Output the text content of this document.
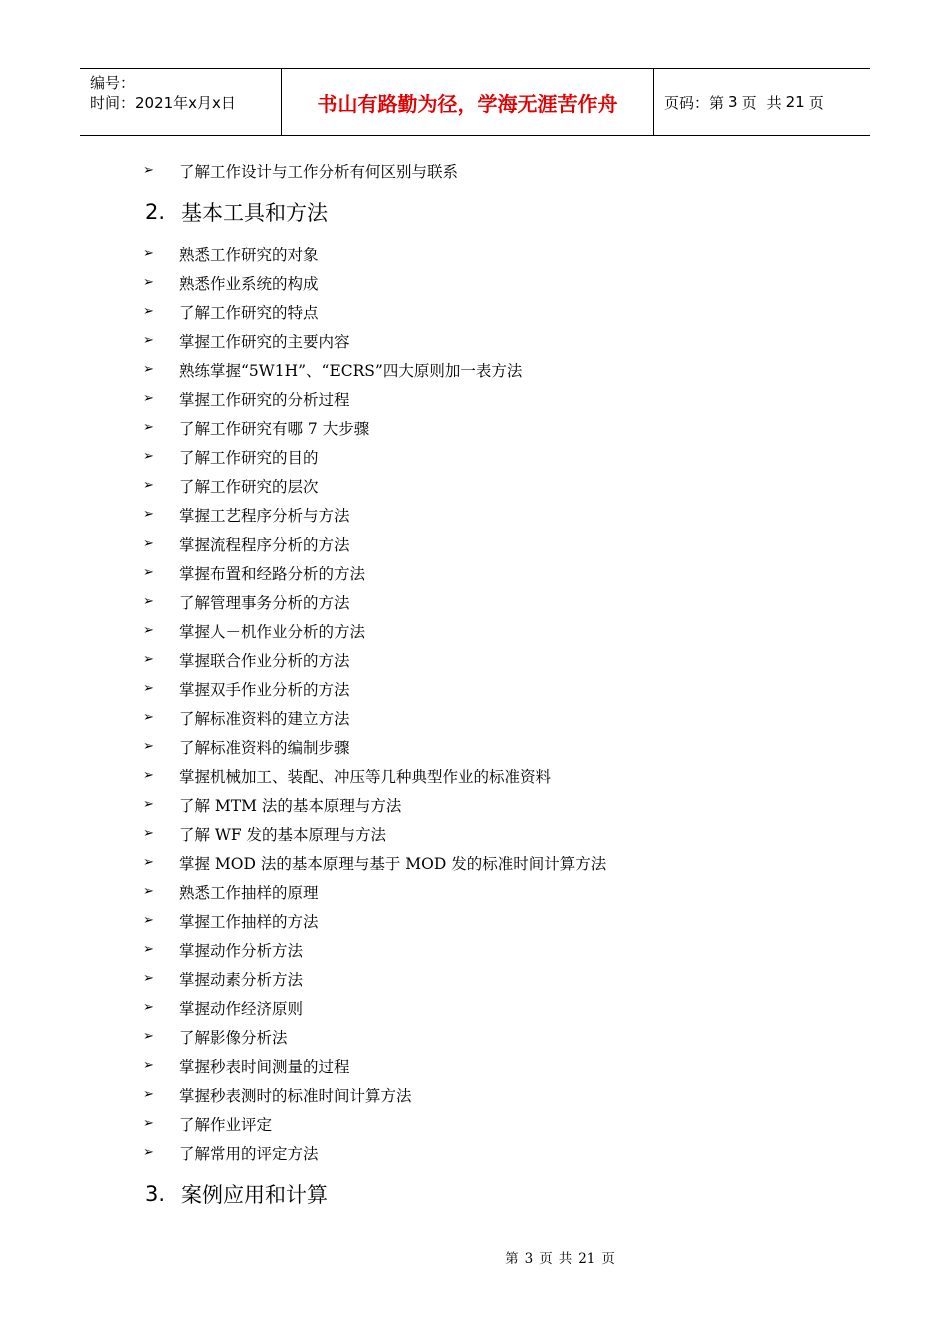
编号：
时间：2021年x月x日	书山有路勤为径，学海无涯苦作舟	页码：第 3 页 共 21 页
➢	了解工作设计与工作分析有何区别与联系
2. 基本工具和方法
➢	熟悉工作研究的对象
➢	熟悉作业系统的构成
➢	了解工作研究的特点
➢	掌握工作研究的主要内容
➢	熟练掌握“5W1H”、“ECRS”四大原则加一表方法
➢	掌握工作研究的分析过程
➢	了解工作研究有哪 7 大步骤
➢	了解工作研究的目的
➢	了解工作研究的层次
➢	掌握工艺程序分析与方法
➢	掌握流程程序分析的方法
➢	掌握布置和经路分析的方法
➢	了解管理事务分析的方法
➢	掌握人－机作业分析的方法
➢	掌握联合作业分析的方法
➢	掌握双手作业分析的方法
➢	了解标准资料的建立方法
➢	了解标准资料的编制步骤
➢	掌握机械加工、装配、冲压等几种典型作业的标准资料
➢	了解 MTM 法的基本原理与方法
➢	了解 WF 发的基本原理与方法
➢	掌握 MOD 法的基本原理与基于 MOD 发的标准时间计算方法
➢	熟悉工作抽样的原理
➢	掌握工作抽样的方法
➢	掌握动作分析方法
➢	掌握动素分析方法
➢	掌握动作经济原则
➢	了解影像分析法
➢	掌握秒表时间测量的过程
➢	掌握秒表测时的标准时间计算方法
➢	了解作业评定
➢	了解常用的评定方法
3. 案例应用和计算
第 3 页 共 21 页
